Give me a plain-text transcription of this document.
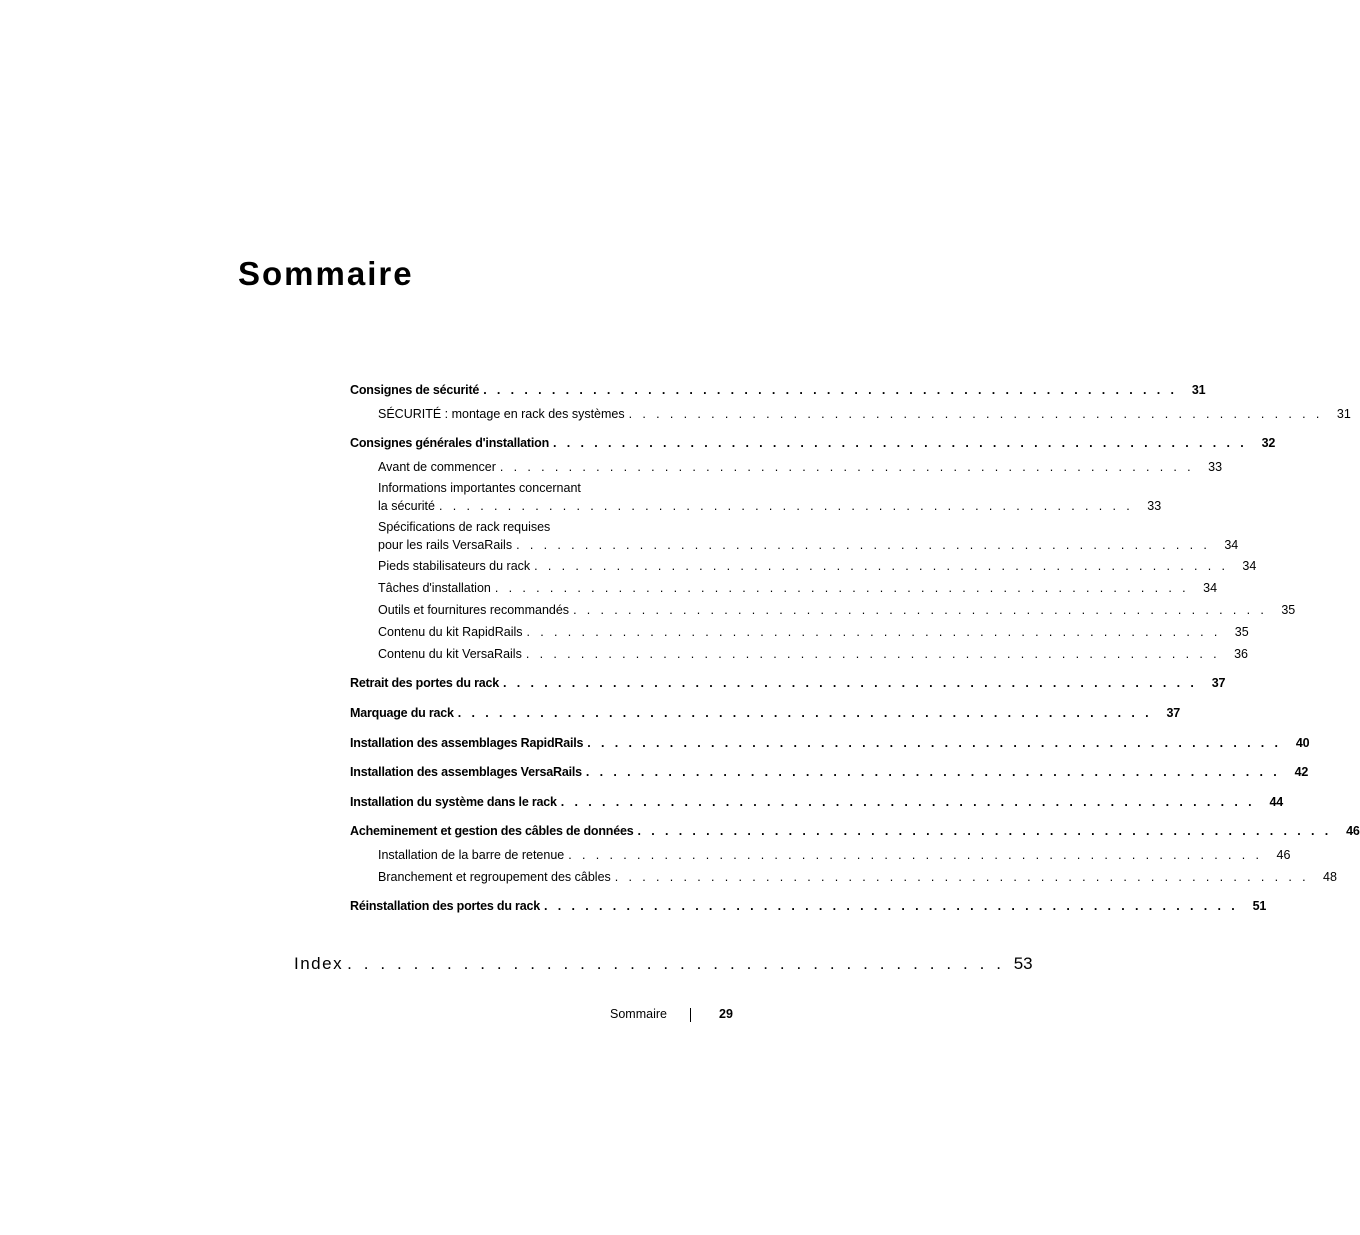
Sommaire
Consignes de sécurité . . . . . . . . . . . . . . . . . . . . . . . . . . . . . . . . . . . . . . . . . . . . . . . . . . .	31
SÉCURITÉ : montage en rack des systèmes . . . . . . . . . . . . . . . . . . . . . . . . . . . . . . . . . . . . . . . . . . . . . . . . . . .	31
Consignes générales d'installation . . . . . . . . . . . . . . . . . . . . . . . . . . . . . . . . . . . . . . . . . . . . . . . . . . .	32
Avant de commencer . . . . . . . . . . . . . . . . . . . . . . . . . . . . . . . . . . . . . . . . . . . . . . . . . . .	33
Informations importantes concernant
la sécurité . . . . . . . . . . . . . . . . . . . . . . . . . . . . . . . . . . . . . . . . . . . . . . . . . . .	33
Spécifications de rack requises
pour les rails VersaRails . . . . . . . . . . . . . . . . . . . . . . . . . . . . . . . . . . . . . . . . . . . . . . . . . . .	34
Pieds stabilisateurs du rack . . . . . . . . . . . . . . . . . . . . . . . . . . . . . . . . . . . . . . . . . . . . . . . . . . .	34
Tâches d'installation . . . . . . . . . . . . . . . . . . . . . . . . . . . . . . . . . . . . . . . . . . . . . . . . . . .	34
Outils et fournitures recommandés . . . . . . . . . . . . . . . . . . . . . . . . . . . . . . . . . . . . . . . . . . . . . . . . . . .	35
Contenu du kit RapidRails . . . . . . . . . . . . . . . . . . . . . . . . . . . . . . . . . . . . . . . . . . . . . . . . . . .	35
Contenu du kit VersaRails . . . . . . . . . . . . . . . . . . . . . . . . . . . . . . . . . . . . . . . . . . . . . . . . . . .	36
Retrait des portes du rack . . . . . . . . . . . . . . . . . . . . . . . . . . . . . . . . . . . . . . . . . . . . . . . . . . .	37
Marquage du rack . . . . . . . . . . . . . . . . . . . . . . . . . . . . . . . . . . . . . . . . . . . . . . . . . . .	37
Installation des assemblages RapidRails . . . . . . . . . . . . . . . . . . . . . . . . . . . . . . . . . . . . . . . . . . . . . . . . . . .	40
Installation des assemblages VersaRails . . . . . . . . . . . . . . . . . . . . . . . . . . . . . . . . . . . . . . . . . . . . . . . . . . .	42
Installation du système dans le rack . . . . . . . . . . . . . . . . . . . . . . . . . . . . . . . . . . . . . . . . . . . . . . . . . . .	44
Acheminement et gestion des câbles de données . . . . . . . . . . . . . . . . . . . . . . . . . . . . . . . . . . . . . . . . . . . . . . . . . . .	46
Installation de la barre de retenue . . . . . . . . . . . . . . . . . . . . . . . . . . . . . . . . . . . . . . . . . . . . . . . . . . .	46
Branchement et regroupement des câbles . . . . . . . . . . . . . . . . . . . . . . . . . . . . . . . . . . . . . . . . . . . . . . . . . . .	48
Réinstallation des portes du rack . . . . . . . . . . . . . . . . . . . . . . . . . . . . . . . . . . . . . . . . . . . . . . . . . . .	51
Index . . . . . . . . . . . . . . . . . . . . . . . . . . . . . . . . . . . . . . . . 53
Sommaire	29
